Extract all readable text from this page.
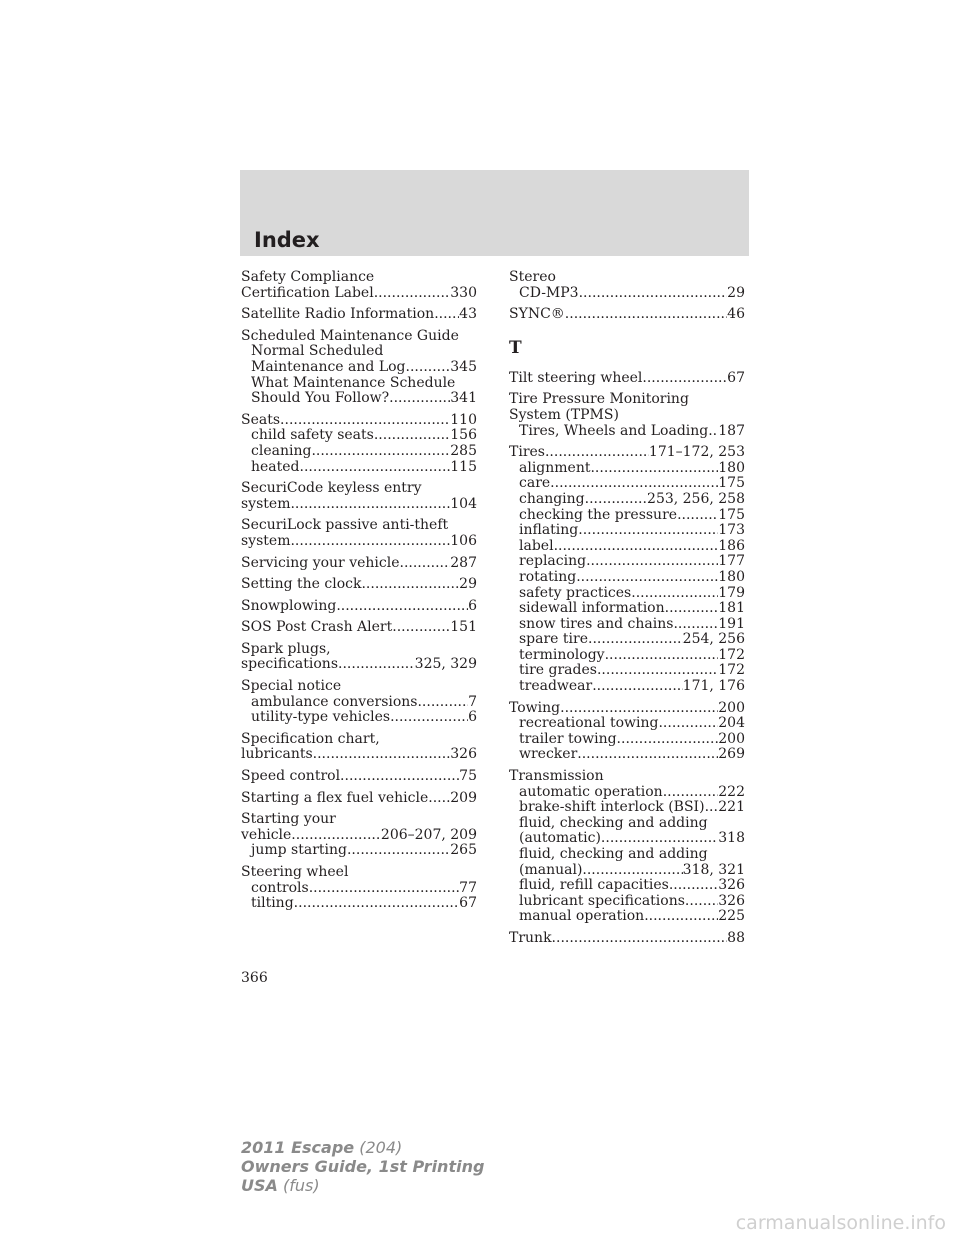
Index
Safety Compliance
Certification Label .....	330
Satellite Radio Information ..... 43
Scheduled Maintenance Guide
Normal Scheduled
Maintenance and Log .....	345
What Maintenance Schedule
Should You Follow? .....	341
Seats .....	110
child safety seats .....	156
cleaning .....	285
heated .....	115
SecuriCode keyless entry
system .....	104
SecuriLock passive anti-theft
system .....	106
Servicing your vehicle .....	287
Setting the clock .....	29
Snowplowing .....	6
SOS Post Crash Alert .....	151
Spark plugs,
specifications .....	325, 329
Special notice
ambulance conversions .....	7
utility-type vehicles .....	6
Specification chart,
lubricants .....	326
Speed control .....	75
Starting a flex fuel vehicle ..... 209
Starting your
vehicle .....	206–207, 209
jump starting .....	265
Steering wheel
controls .....	77
tilting .....	67
Stereo
CD-MP3 .....	29
SYNC® .....	46
T
Tilt steering wheel .....	67
Tire Pressure Monitoring
System (TPMS)
Tires, Wheels and Loading ..... 187
Tires .....	171–172, 253
alignment .....	180
care .....	175
changing .....	253, 256, 258
checking the pressure .....	175
inflating .....	173
label .....	186
replacing .....	177
rotating .....	180
safety practices .....	179
sidewall information .....	181
snow tires and chains .....	191
spare tire .....	254, 256
terminology .....	172
tire grades .....	172
treadwear .....	171, 176
Towing .....	200
recreational towing .....	204
trailer towing .....	200
wrecker .....	269
Transmission
automatic operation .....	222
brake-shift interlock (BSI) ..... 221
fluid, checking and adding
(automatic) .....	318
fluid, checking and adding
(manual) .....	318, 321
fluid, refill capacities .....	326
lubricant specifications ..... 326
manual operation .....	225
Trunk .....	88
366
2011 Escape (204)
Owners Guide, 1st Printing
USA (fus)
carmanualsonline.info
